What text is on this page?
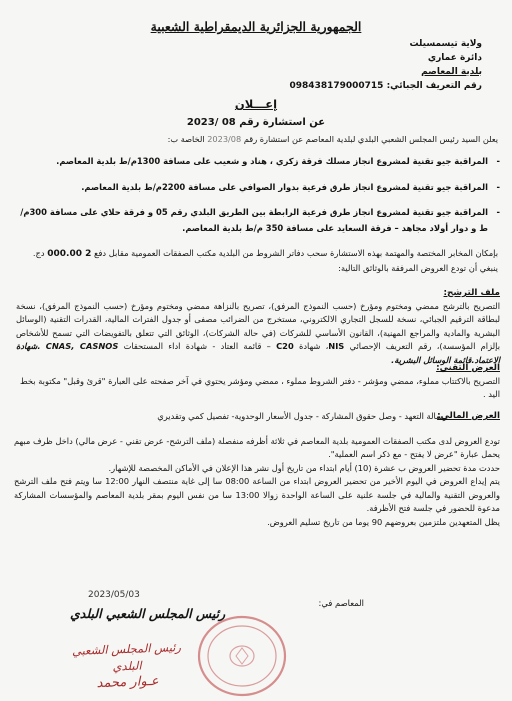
الجمهورية الجزائرية الديمقراطية الشعبية
ولاية تيسمسيلت
دائرة عماري
بلدية المعاصم
رقم التعريف الجبائي: 098438179000715
إعـــلان
عن استشارة رقم 2023/ 08
يعلن السيد رئيس المجلس الشعبي البلدي لبلدية المعاصم عن استشارة رقم 2023/08 الخاصة ب:
- المراقبة جيو تقنية لمشروع انجاز مسلك فرقة زكري ، هناد و شعيب على مسافة 1300م/ط بلدية المعاصم.
- المراقبة جيو تقنية لمشروع انجاز طرق فرعية بدوار الصوافي على مسافة 2200م/ط بلدية المعاصم.
- المراقبة جيو تقنية لمشروع انجاز طرق فرعية الرابطة بين الطريق البلدي رقم 05 و فرقة حلاي على مسافة 300م/ط و دوار أولاد مجاهد – فرقة السعايد على مسافة 350 م/ط بلدية المعاصم.
بإمكان المخابر المختصة والمهتمة بهذه الاستشارة سحب دفاتر الشروط من البلدية مكتب الصفقات العمومية مقابل دفع 2 000.00 دج. ينبغي أن تودع العروض المرفقة بالوثائق التالية:
ملف الترشح:
التصريح بالترشح ممضي ومختوم ومؤرخ (حسب النموذج المرفق)، تصريح بالنزاهة ممضي ومختوم ومؤرخ (حسب النموذج المرفق)، نسخة لبطاقة الترقيم الجبائي، نسخة للسجل التجاري الالكتروني، مستخرج من الضرائب مصفى أو جدول الفترات المالية، القدرات التقنية (الوسائل البشرية والمادية والمراجع المهنية)، القانون الأساسي للشركات (في حالة الشركات)، الوثائق التي تتعلق بالتفويضات التي تسمح للأشخاص بإلزام المؤسسة)، رقم التعريف الإحصائي NIS، شهادة C20 – قائمة العتاد - شهادة اداء المستحقات CNAS, CASNOS .شهادة الاعتماد.قائمة الوسائل البشرية.
العرض التقني:
التصريح بالاكتتاب مملوء، ممضي ومؤشر - دفتر الشروط مملوء ، ممضي ومؤشر يحتوي في آخر صفحته على العبارة "قرئ وقبل" مكتوبة بخط اليد .
العرض المالي:
رسالة التعهد - وصل حقوق المشاركة - جدول الأسعار الوحدوية- تفصيل كمي وتقديري
تودع العروض لدى مكتب الصفقات العمومية بلدية المعاصم في ثلاثة أظرفه منفصلة (ملف الترشح- عرض تقني - عرض مالي) داخل ظرف مبهم يحمل عبارة "عرض لا يفتح - مع ذكر اسم العملية".
حددت مدة تحضير العروض ب عشرة (10) أيام ابتداء من تاريخ أول نشر هذا الإعلان في الأماكن المخصصة للإشهار.
يتم إيداع العروض في اليوم الأخير من تحضير العروض ابتداء من الساعة 08:00 سا إلى غاية منتصف النهار 12:00 سا ويتم فتح ملف الترشح والعروض التقنية والمالية في جلسة علنية على الساعة الواحدة زوالا 13:00 سا من نفس اليوم بمقر بلدية المعاصم والمؤسسات المشاركة مدعوة للحضور في جلسة فتح الأظرفة.
يظل المتعهدين ملتزمين بعروضهم 90 يوما من تاريخ تسليم العروض.
المعاصم في:
2023/05/03
رئيس المجلس الشعبي البلدي
رئيس المجلس الشعبي البلدي
عـوار محمد
